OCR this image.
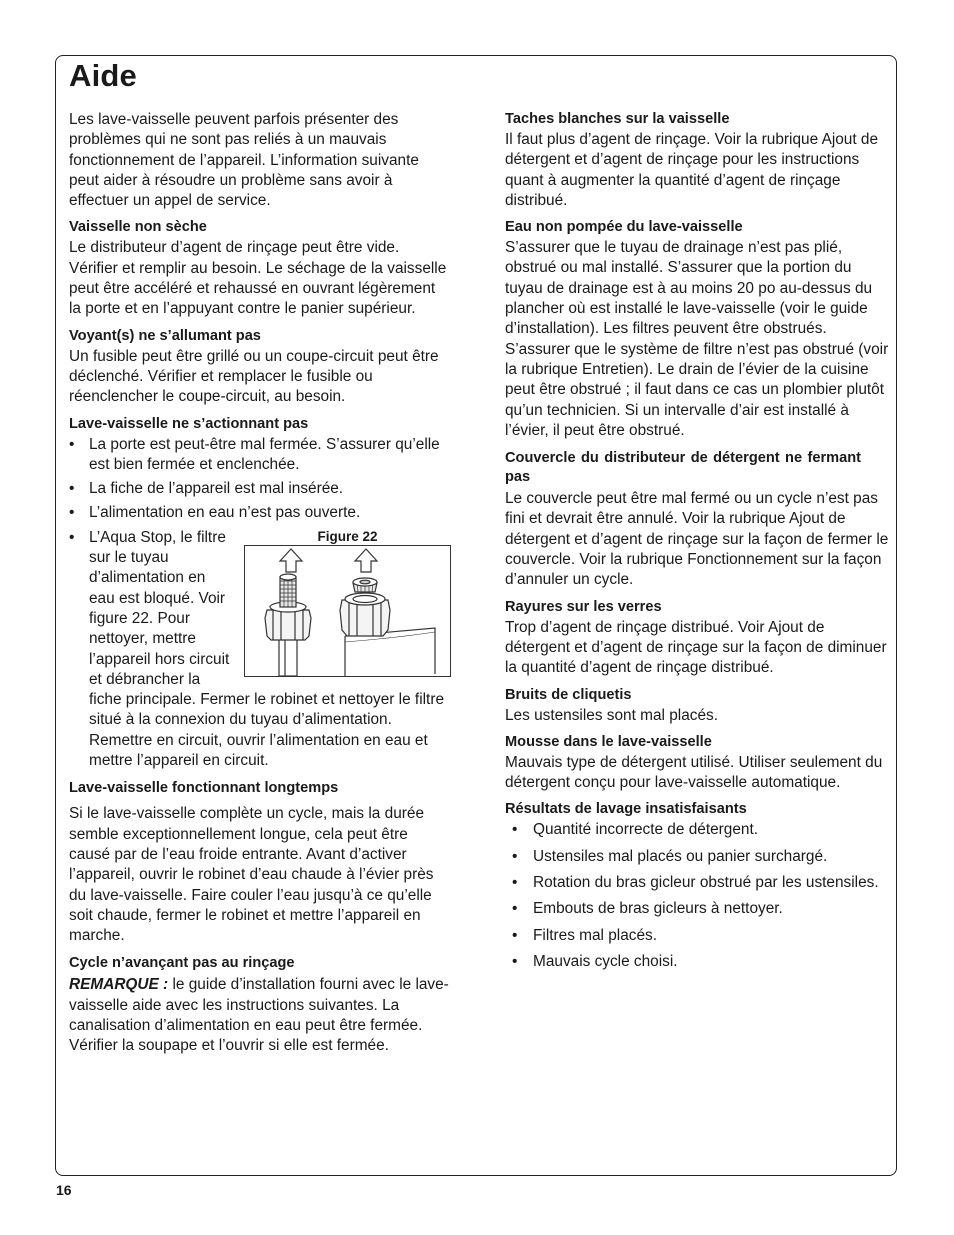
Aide

Les lave-vaisselle peuvent parfois présenter des problèmes qui ne sont pas reliés à un mauvais fonctionnement de l’appareil. L’information suivante peut aider à résoudre un problème sans avoir à effectuer un appel de service.

Vaisselle non sèche

Le distributeur d’agent de rinçage peut être vide. Vérifier et remplir au besoin. Le séchage de la vaisselle peut être accéléré et rehaussé en ouvrant légèrement la porte et en l’appuyant contre le panier supérieur.

Voyant(s) ne s’allumant pas

Un fusible peut être grillé ou un coupe-circuit peut être déclenché. Vérifier et remplacer le fusible ou réenclencher le coupe-circuit, au besoin.

Lave-vaisselle ne s’actionnant pas
• La porte est peut-être mal fermée. S’assurer qu’elle est bien fermée et enclenchée.
• La fiche de l’appareil est mal insérée.
• L’alimentation en eau n’est pas ouverte.
• Figure 22
L’Aqua Stop, le filtre sur le tuyau d’alimentation en eau est bloqué. Voir figure 22. Pour nettoyer, mettre l’appareil hors circuit et débrancher la fiche principale. Fermer le robinet et nettoyer le filtre situé à la connexion du tuyau d’alimentation. Remettre en circuit, ouvrir l’alimentation en eau et mettre l’appareil en circuit.
Lave-vaisselle fonctionnant longtemps

Si le lave-vaisselle complète un cycle, mais la durée semble exceptionnellement longue, cela peut être causé par de l’eau froide entrante. Avant d’activer l’appareil, ouvrir le robinet d’eau chaude à l’évier près du lave-vaisselle. Faire couler l’eau jusqu’à ce qu’elle soit chaude, fermer le robinet et mettre l’appareil en marche.

Cycle n’avançant pas au rinçage

REMARQUE : le guide d’installation fourni avec le lave-vaisselle aide avec les instructions suivantes. La canalisation d’alimentation en eau peut être fermée. Vérifier la soupape et l’ouvrir si elle est fermée.

Taches blanches sur la vaisselle

Il faut plus d’agent de rinçage. Voir la rubrique Ajout de détergent et d’agent de rinçage pour les instructions quant à augmenter la quantité d’agent de rinçage distribué.

Eau non pompée du lave-vaisselle

S’assurer que le tuyau de drainage n’est pas plié, obstrué ou mal installé. S’assurer que la portion du tuyau de drainage est à au moins 20 po au-dessus du plancher où est installé le lave-vaisselle (voir le guide d’installation). Les filtres peuvent être obstrués. S’assurer que le système de filtre n’est pas obstrué (voir la rubrique Entretien). Le drain de l’évier de la cuisine peut être obstrué ; il faut dans ce cas un plombier plutôt qu’un technicien. Si un intervalle d’air est installé à l’évier, il peut être obstrué.

Couvercle du distributeur de détergent ne fermant pas

Le couvercle peut être mal fermé ou un cycle n’est pas fini et devrait être annulé. Voir la rubrique Ajout de détergent et d’agent de rinçage sur la façon de fermer le couvercle. Voir la rubrique Fonctionnement sur la façon d’annuler un cycle.

Rayures sur les verres

Trop d’agent de rinçage distribué. Voir Ajout de détergent et d’agent de rinçage sur la façon de diminuer la quantité d’agent de rinçage distribué.

Bruits de cliquetis

Les ustensiles sont mal placés.

Mousse dans le lave-vaisselle

Mauvais type de détergent utilisé. Utiliser seulement du détergent conçu pour lave-vaisselle automatique.

Résultats de lavage insatisfaisants
• Quantité incorrecte de détergent.
• Ustensiles mal placés ou panier surchargé.
• Rotation du bras gicleur obstrué par les ustensiles.
• Embouts de bras gicleurs à nettoyer.
• Filtres mal placés.
• Mauvais cycle choisi.
16
